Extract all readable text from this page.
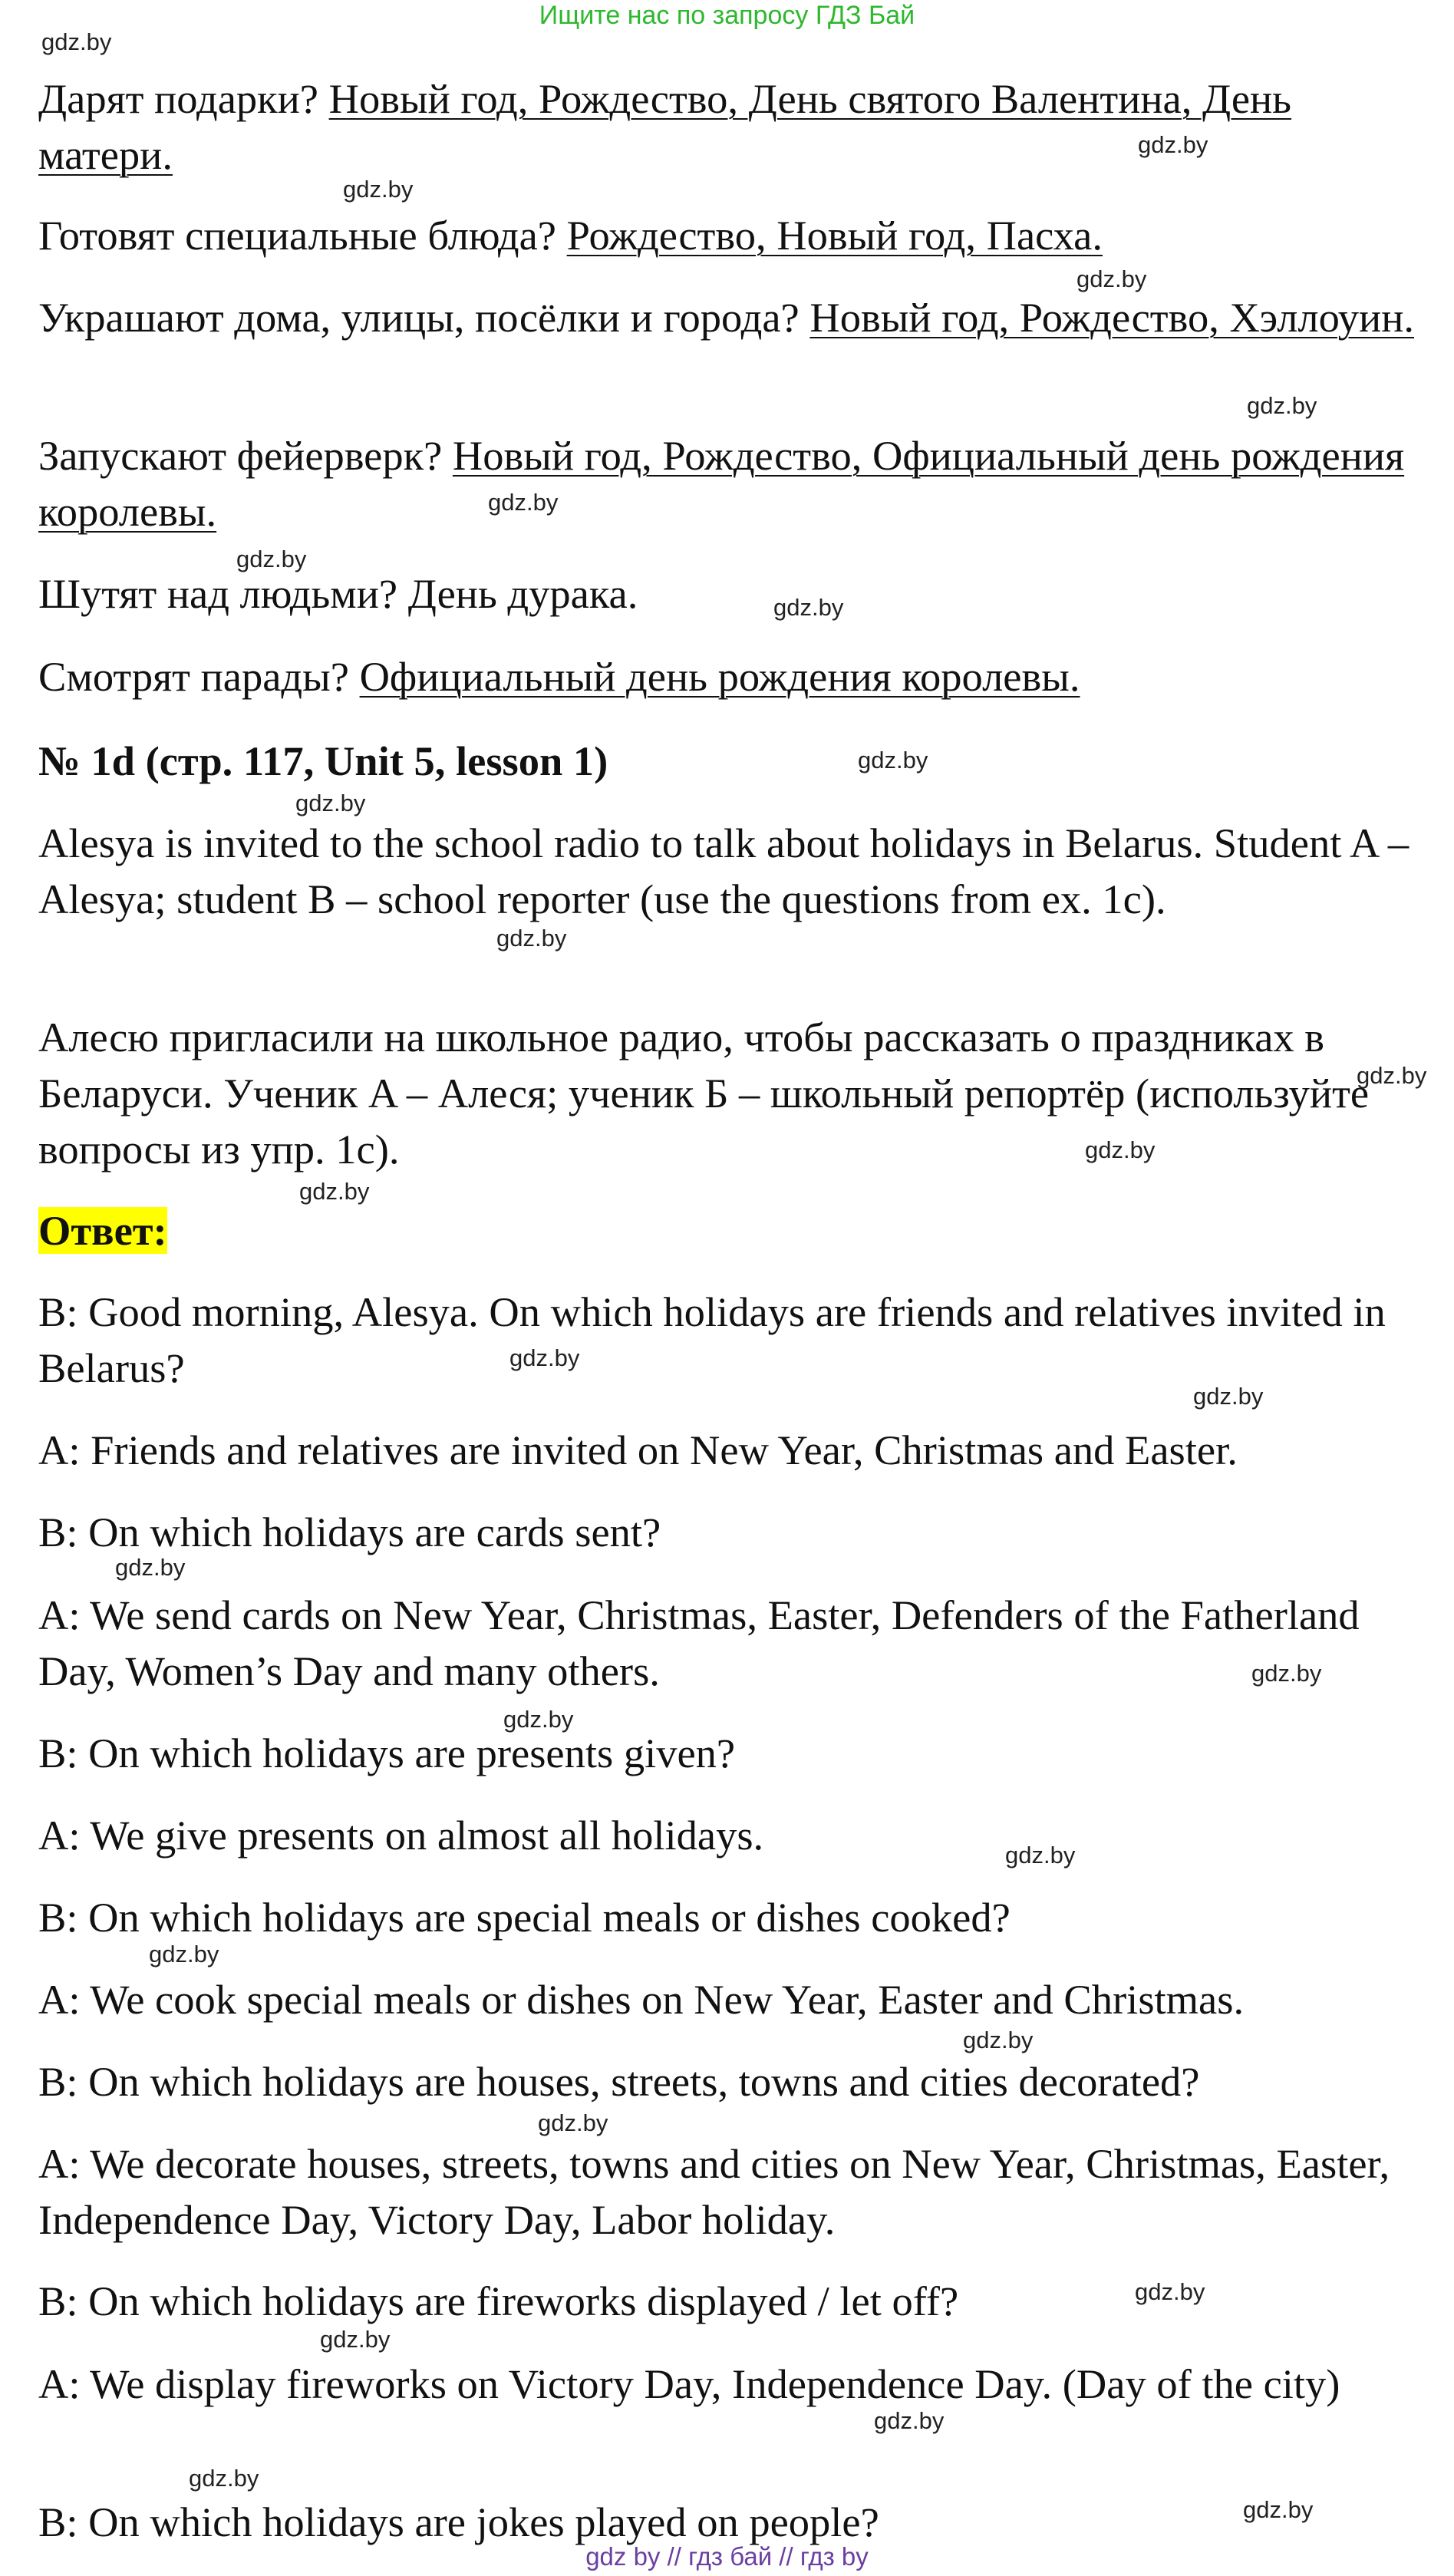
Ищите нас по запросу ГДЗ Бай

Дарят подарки? Новый год, Рождество, День святого Валентина, День матери.

Готовят специальные блюда? Рождество, Новый год, Пасха.

Украшают дома, улицы, посёлки и города? Новый год, Рождество, Хэллоуин.

Запускают фейерверк? Новый год, Рождество, Официальный день рождения королевы.

Шутят над людьми? День дурака.

Смотрят парады? Официальный день рождения королевы.

№ 1d (стр. 117, Unit 5, lesson 1)

Alesya is invited to the school radio to talk about holidays in Belarus. Student A – Alesya; student B – school reporter (use the questions from ex. 1c).

Алесю пригласили на школьное радио, чтобы рассказать о праздниках в Беларуси. Ученик A – Алеся; ученик Б – школьный репортёр (используйте вопросы из упр. 1с).

Ответ:

B: Good morning, Alesya. On which holidays are friends and relatives invited in Belarus?

A: Friends and relatives are invited on New Year, Christmas and Easter.

B: On which holidays are cards sent?

A: We send cards on New Year, Christmas, Easter, Defenders of the Fatherland Day, Women’s Day and many others.

B: On which holidays are presents given?

A: We give presents on almost all holidays.

B: On which holidays are special meals or dishes cooked?

A: We cook special meals or dishes on New Year, Easter and Christmas.

B: On which holidays are houses, streets, towns and cities decorated?

A: We decorate houses, streets, towns and cities on New Year, Christmas, Easter, Independence Day, Victory Day, Labor holiday.

B: On which holidays are fireworks displayed / let off?

A: We display fireworks on Victory Day, Independence Day. (Day of the city)

B: On which holidays are jokes played on people?

gdz.by
gdz.by
gdz.by
gdz.by
gdz.by
gdz.by
gdz.by
gdz.by
gdz.by
gdz.by
gdz.by
gdz.by
gdz.by
gdz.by
gdz.by
gdz.by
gdz.by
gdz.by
gdz.by
gdz.by
gdz.by
gdz.by
gdz.by
gdz.by
gdz.by
gdz.by
gdz.by
gdz.by
gdz by // гдз бай // гдз by
